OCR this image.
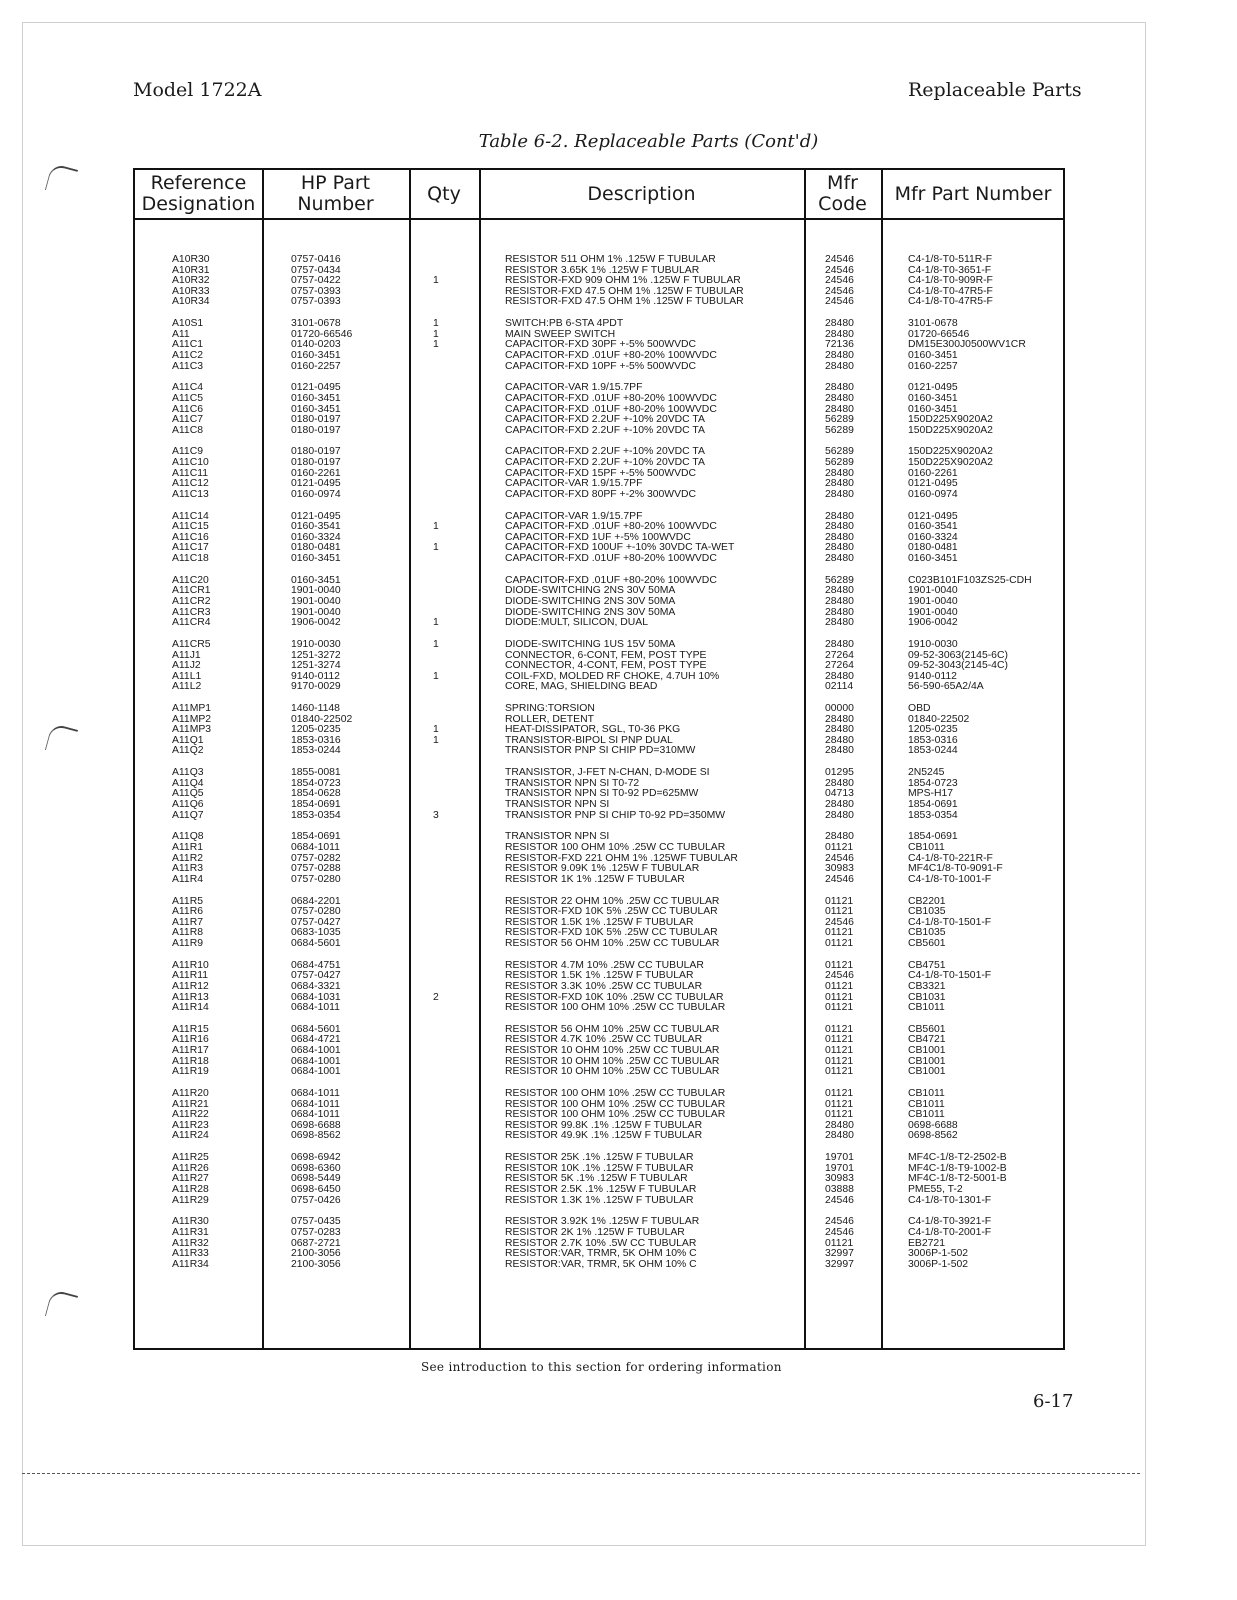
Model 1722A	Replaceable Parts
Table 6-2. Replaceable Parts (Cont'd)
Reference
Designation
HP Part Number	Qty	Description	Mfr
Code	Mfr Part Number
A10R30	0757-0416	RESISTOR 511 OHM 1% .125W F TUBULAR	24546	C4-1/8-T0-511R-F
A10R31	0757-0434	RESISTOR 3.65K 1% .125W F TUBULAR	24546	C4-1/8-T0-3651-F
A10R32	0757-0422	1	RESISTOR-FXD 909 OHM 1% .125W F TUBULAR	24546	C4-1/8-T0-909R-F
A10R33	0757-0393	RESISTOR-FXD 47.5 OHM 1% .125W F TUBULAR	24546	C4-1/8-T0-47R5-F
A10R34	0757-0393	RESISTOR-FXD 47.5 OHM 1% .125W F TUBULAR	24546	C4-1/8-T0-47R5-F
A10S1	3101-0678	1	SWITCH:PB 6-STA 4PDT	28480	3101-0678
A11	01720-66546	1	MAIN SWEEP SWITCH	28480	01720-66546
A11C1	0140-0203	1	CAPACITOR-FXD 30PF +-5% 500WVDC	72136	DM15E300J0500WV1CR
A11C2	0160-3451	CAPACITOR-FXD .01UF +80-20% 100WVDC	28480	0160-3451
A11C3	0160-2257	CAPACITOR-FXD 10PF +-5% 500WVDC	28480	0160-2257
A11C4	0121-0495	CAPACITOR-VAR 1.9/15.7PF	28480	0121-0495
A11C5	0160-3451	CAPACITOR-FXD .01UF +80-20% 100WVDC	28480	0160-3451
A11C6	0160-3451	CAPACITOR-FXD .01UF +80-20% 100WVDC	28480	0160-3451
A11C7	0180-0197	CAPACITOR-FXD 2.2UF +-10% 20VDC TA	56289	150D225X9020A2
A11C8	0180-0197	CAPACITOR-FXD 2.2UF +-10% 20VDC TA	56289	150D225X9020A2
A11C9	0180-0197	CAPACITOR-FXD 2.2UF +-10% 20VDC TA	56289	150D225X9020A2
A11C10	0180-0197	CAPACITOR-FXD 2.2UF +-10% 20VDC TA	56289	150D225X9020A2
A11C11	0160-2261	CAPACITOR-FXD 15PF +-5% 500WVDC	28480	0160-2261
A11C12	0121-0495	CAPACITOR-VAR 1.9/15.7PF	28480	0121-0495
A11C13	0160-0974	CAPACITOR-FXD 80PF +-2% 300WVDC	28480	0160-0974
A11C14	0121-0495	CAPACITOR-VAR 1.9/15.7PF	28480	0121-0495
A11C15	0160-3541	1	CAPACITOR-FXD .01UF +80-20% 100WVDC	28480	0160-3541
A11C16	0160-3324	CAPACITOR-FXD 1UF +-5% 100WVDC	28480	0160-3324
A11C17	0180-0481	1	CAPACITOR-FXD 100UF +-10% 30VDC TA-WET	28480	0180-0481
A11C18	0160-3451	CAPACITOR-FXD .01UF +80-20% 100WVDC	28480	0160-3451
A11C20	0160-3451	CAPACITOR-FXD .01UF +80-20% 100WVDC	56289	C023B101F103ZS25-CDH
A11CR1	1901-0040	DIODE-SWITCHING 2NS 30V 50MA	28480	1901-0040
A11CR2	1901-0040	DIODE-SWITCHING 2NS 30V 50MA	28480	1901-0040
A11CR3	1901-0040	DIODE-SWITCHING 2NS 30V 50MA	28480	1901-0040
A11CR4	1906-0042	1	DIODE:MULT, SILICON, DUAL	28480	1906-0042
A11CR5	1910-0030	1	DIODE-SWITCHING 1US 15V 50MA	28480	1910-0030
A11J1	1251-3272	CONNECTOR, 6-CONT, FEM, POST TYPE	27264	09-52-3063(2145-6C)
A11J2	1251-3274	CONNECTOR, 4-CONT, FEM, POST TYPE	27264	09-52-3043(2145-4C)
A11L1	9140-0112	1	COIL-FXD, MOLDED RF CHOKE, 4.7UH 10%	28480	9140-0112
A11L2	9170-0029	CORE, MAG, SHIELDING BEAD	02114	56-590-65A2/4A
A11MP1	1460-1148	SPRING:TORSION	00000	OBD
A11MP2	01840-22502	ROLLER, DETENT	28480	01840-22502
A11MP3	1205-0235	1	HEAT-DISSIPATOR, SGL, T0-36 PKG	28480	1205-0235
A11Q1	1853-0316	1	TRANSISTOR-BIPOL SI PNP DUAL	28480	1853-0316
A11Q2	1853-0244	TRANSISTOR PNP SI CHIP PD=310MW	28480	1853-0244
A11Q3	1855-0081	TRANSISTOR, J-FET N-CHAN, D-MODE SI	01295	2N5245
A11Q4	1854-0723	TRANSISTOR NPN SI T0-72	28480	1854-0723
A11Q5	1854-0628	TRANSISTOR NPN SI T0-92 PD=625MW	04713	MPS-H17
A11Q6	1854-0691	TRANSISTOR NPN SI	28480	1854-0691
A11Q7	1853-0354	3	TRANSISTOR PNP SI CHIP T0-92 PD=350MW	28480	1853-0354
A11Q8	1854-0691	TRANSISTOR NPN SI	28480	1854-0691
A11R1	0684-1011	RESISTOR 100 OHM 10% .25W CC TUBULAR	01121	CB1011
A11R2	0757-0282	RESISTOR-FXD 221 OHM 1% .125WF TUBULAR	24546	C4-1/8-T0-221R-F
A11R3	0757-0288	RESISTOR 9.09K 1% .125W F TUBULAR	30983	MF4C1/8-T0-9091-F
A11R4	0757-0280	RESISTOR 1K 1% .125W F TUBULAR	24546	C4-1/8-T0-1001-F
A11R5	0684-2201	RESISTOR 22 OHM 10% .25W CC TUBULAR	01121	CB2201
A11R6	0757-0280	RESISTOR-FXD 10K 5% .25W CC TUBULAR	01121	CB1035
A11R7	0757-0427	RESISTOR 1.5K 1% .125W F TUBULAR	24546	C4-1/8-T0-1501-F
A11R8	0683-1035	RESISTOR-FXD 10K 5% .25W CC TUBULAR	01121	CB1035
A11R9	0684-5601	RESISTOR 56 OHM 10% .25W CC TUBULAR	01121	CB5601
A11R10	0684-4751	RESISTOR 4.7M 10% .25W CC TUBULAR	01121	CB4751
A11R11	0757-0427	RESISTOR 1.5K 1% .125W F TUBULAR	24546	C4-1/8-T0-1501-F
A11R12	0684-3321	RESISTOR 3.3K 10% .25W CC TUBULAR	01121	CB3321
A11R13	0684-1031	2	RESISTOR-FXD 10K 10% .25W CC TUBULAR	01121	CB1031
A11R14	0684-1011	RESISTOR 100 OHM 10% .25W CC TUBULAR	01121	CB1011
A11R15	0684-5601	RESISTOR 56 OHM 10% .25W CC TUBULAR	01121	CB5601
A11R16	0684-4721	RESISTOR 4.7K 10% .25W CC TUBULAR	01121	CB4721
A11R17	0684-1001	RESISTOR 10 OHM 10% .25W CC TUBULAR	01121	CB1001
A11R18	0684-1001	RESISTOR 10 OHM 10% .25W CC TUBULAR	01121	CB1001
A11R19	0684-1001	RESISTOR 10 OHM 10% .25W CC TUBULAR	01121	CB1001
A11R20	0684-1011	RESISTOR 100 OHM 10% .25W CC TUBULAR	01121	CB1011
A11R21	0684-1011	RESISTOR 100 OHM 10% .25W CC TUBULAR	01121	CB1011
A11R22	0684-1011	RESISTOR 100 OHM 10% .25W CC TUBULAR	01121	CB1011
A11R23	0698-6688	RESISTOR 99.8K .1% .125W F TUBULAR	28480	0698-6688
A11R24	0698-8562	RESISTOR 49.9K .1% .125W F TUBULAR	28480	0698-8562
A11R25	0698-6942	RESISTOR 25K .1% .125W F TUBULAR	19701	MF4C-1/8-T2-2502-B
A11R26	0698-6360	RESISTOR 10K .1% .125W F TUBULAR	19701	MF4C-1/8-T9-1002-B
A11R27	0698-5449	RESISTOR 5K .1% .125W F TUBULAR	30983	MF4C-1/8-T2-5001-B
A11R28	0698-6450	RESISTOR 2.5K .1% .125W F TUBULAR	03888	PME55, T-2
A11R29	0757-0426	RESISTOR 1.3K 1% .125W F TUBULAR	24546	C4-1/8-T0-1301-F
A11R30	0757-0435	RESISTOR 3.92K 1% .125W F TUBULAR	24546	C4-1/8-T0-3921-F
A11R31	0757-0283	RESISTOR 2K 1% .125W F TUBULAR	24546	C4-1/8-T0-2001-F
A11R32	0687-2721	RESISTOR 2.7K 10% .5W CC TUBULAR	01121	EB2721
A11R33	2100-3056	RESISTOR:VAR, TRMR, 5K OHM 10% C	32997	3006P-1-502
A11R34	2100-3056	RESISTOR:VAR, TRMR, 5K OHM 10% C	32997	3006P-1-502
See introduction to this section for ordering information
6-17
